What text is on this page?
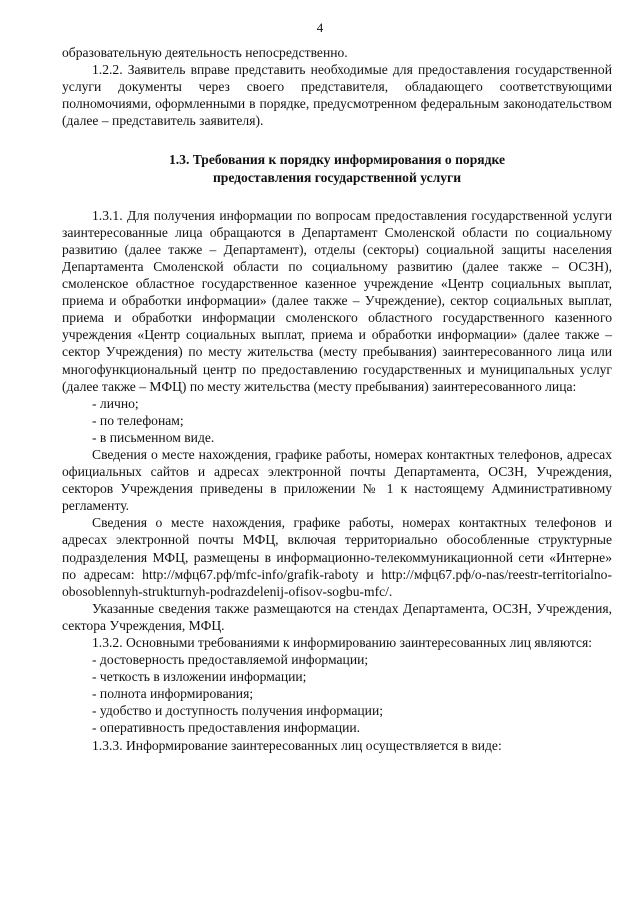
4

образовательную деятельность непосредственно.

1.2.2. Заявитель вправе представить необходимые для предоставления государственной услуги документы через своего представителя, обладающего соответствующими полномочиями, оформленными в порядке, предусмотренном федеральным законодательством (далее – представитель заявителя).

1.3. Требования к порядку информирования о порядке
предоставления государственной услуги

1.3.1. Для получения информации по вопросам предоставления государственной услуги заинтересованные лица обращаются в Департамент Смоленской области по социальному развитию (далее также – Департамент), отделы (секторы) социальной защиты населения Департамента Смоленской области по социальному развитию (далее также – ОСЗН), смоленское областное государственное казенное учреждение «Центр социальных выплат, приема и обработки информации» (далее также – Учреждение), сектор социальных выплат, приема и обработки информации смоленского областного государственного казенного учреждения «Центр социальных выплат, приема и обработки информации» (далее также – сектор Учреждения) по месту жительства (месту пребывания) заинтересованного лица или многофункциональный центр по предоставлению государственных и муниципальных услуг (далее также – МФЦ) по месту жительства (месту пребывания) заинтересованного лица:

- лично;
- по телефонам;
- в письменном виде.

Сведения о месте нахождения, графике работы, номерах контактных телефонов, адресах официальных сайтов и адресах электронной почты Департамента, ОСЗН, Учреждения, секторов Учреждения приведены в приложении № 1 к настоящему Административному регламенту.

Сведения о месте нахождения, графике работы, номерах контактных телефонов и адресах электронной почты МФЦ, включая территориально обособленные структурные подразделения МФЦ, размещены в информационно-телекоммуникационной сети «Интерне» по адресам: http://мфц67.рф/mfc-info/grafik-raboty и http://мфц67.рф/o-nas/reestr-territorialno-obosoblennyh-strukturnyh-podrazdelenij-ofisov-sogbu-mfc/.

Указанные сведения также размещаются на стендах Департамента, ОСЗН, Учреждения, сектора Учреждения, МФЦ.

1.3.2. Основными требованиями к информированию заинтересованных лиц являются:

- достоверность предоставляемой информации;
- четкость в изложении информации;
- полнота информирования;
- удобство и доступность получения информации;
- оперативность предоставления информации.

1.3.3. Информирование заинтересованных лиц осуществляется в виде:
